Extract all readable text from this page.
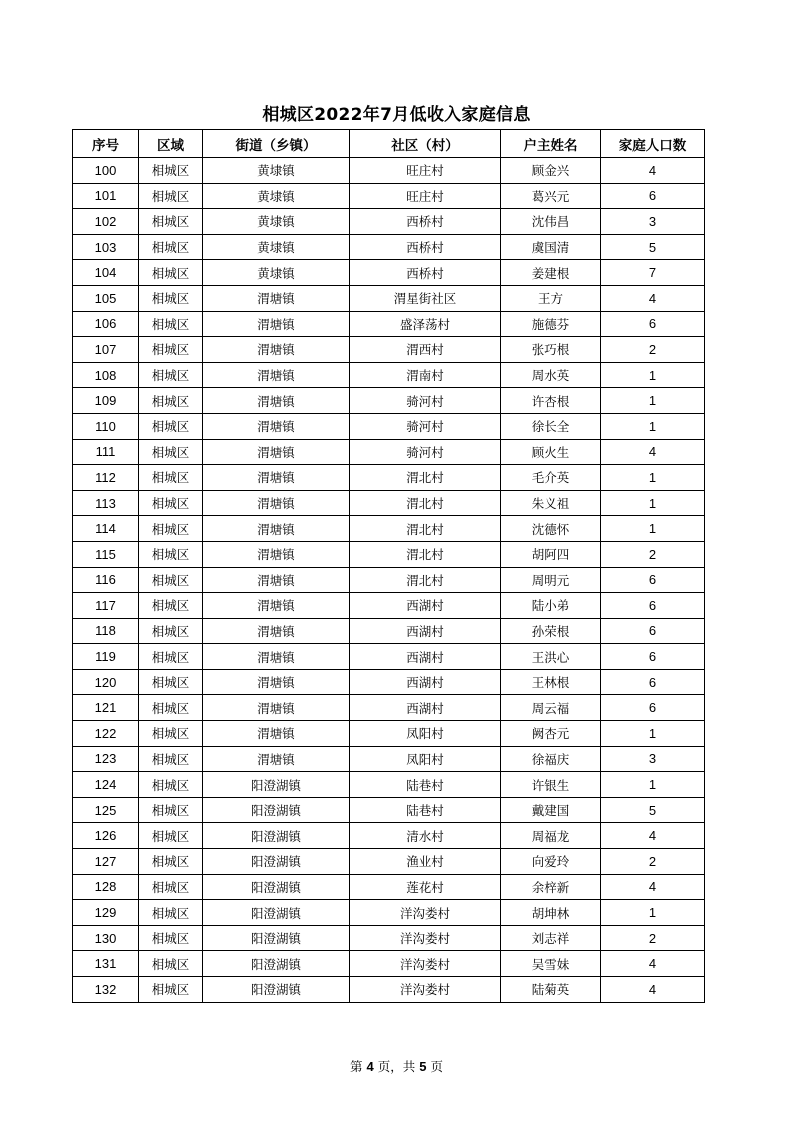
相城区2022年7月低收入家庭信息
序号	区域	街道（乡镇）	社区（村）	户主姓名	家庭人口数
100	相城区	黄埭镇	旺庄村	顾金兴	4
101	相城区	黄埭镇	旺庄村	葛兴元	6
102	相城区	黄埭镇	西桥村	沈伟昌	3
103	相城区	黄埭镇	西桥村	虞国清	5
104	相城区	黄埭镇	西桥村	姜建根	7
105	相城区	渭塘镇	渭星街社区	王方	4
106	相城区	渭塘镇	盛泽荡村	施德芬	6
107	相城区	渭塘镇	渭西村	张巧根	2
108	相城区	渭塘镇	渭南村	周水英	1
109	相城区	渭塘镇	骑河村	许杏根	1
110	相城区	渭塘镇	骑河村	徐长全	1
111	相城区	渭塘镇	骑河村	顾火生	4
112	相城区	渭塘镇	渭北村	毛介英	1
113	相城区	渭塘镇	渭北村	朱义祖	1
114	相城区	渭塘镇	渭北村	沈德怀	1
115	相城区	渭塘镇	渭北村	胡阿四	2
116	相城区	渭塘镇	渭北村	周明元	6
117	相城区	渭塘镇	西湖村	陆小弟	6
118	相城区	渭塘镇	西湖村	孙荣根	6
119	相城区	渭塘镇	西湖村	王洪心	6
120	相城区	渭塘镇	西湖村	王林根	6
121	相城区	渭塘镇	西湖村	周云福	6
122	相城区	渭塘镇	凤阳村	阙杏元	1
123	相城区	渭塘镇	凤阳村	徐福庆	3
124	相城区	阳澄湖镇	陆巷村	许银生	1
125	相城区	阳澄湖镇	陆巷村	戴建国	5
126	相城区	阳澄湖镇	清水村	周福龙	4
127	相城区	阳澄湖镇	渔业村	向爱玲	2
128	相城区	阳澄湖镇	莲花村	余梓新	4
129	相城区	阳澄湖镇	洋沟娄村	胡坤林	1
130	相城区	阳澄湖镇	洋沟娄村	刘志祥	2
131	相城区	阳澄湖镇	洋沟娄村	吴雪妹	4
132	相城区	阳澄湖镇	洋沟娄村	陆菊英	4
第 4 页，共 5 页
